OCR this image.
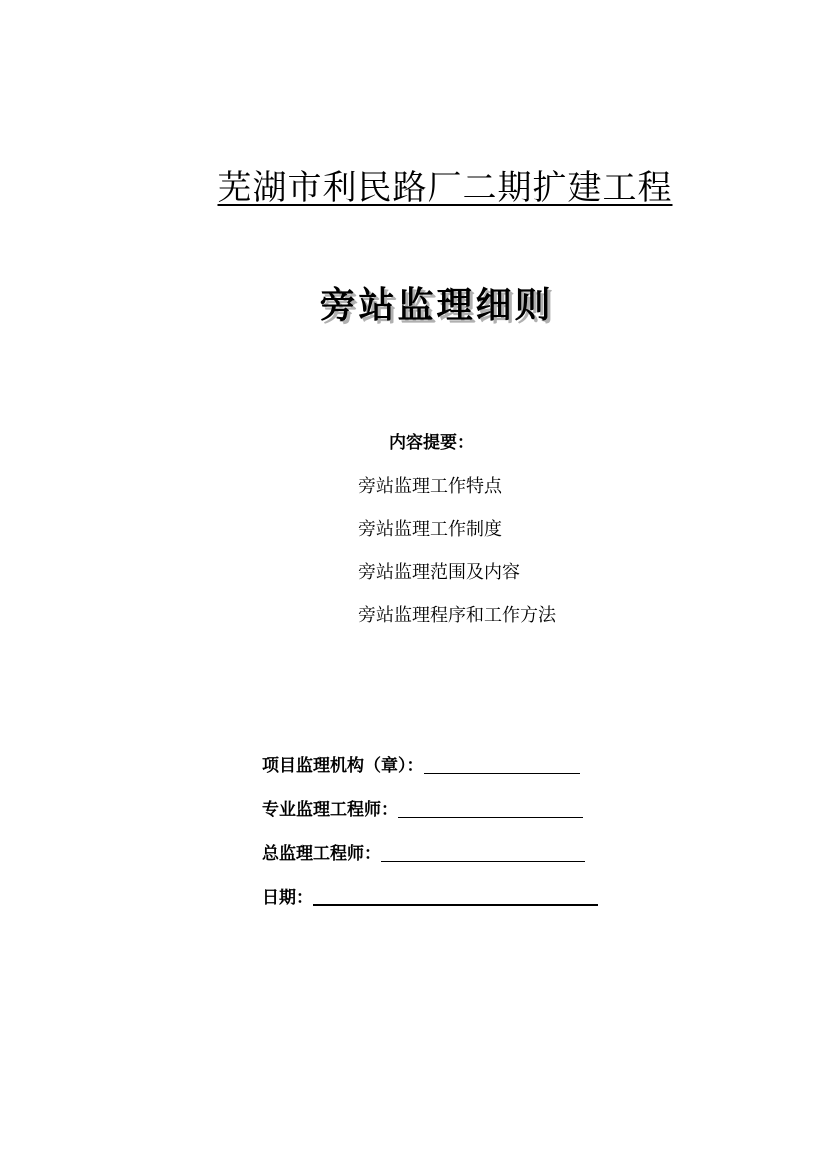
芜湖市利民路厂二期扩建工程
旁站监理细则
内容提要：
旁站监理工作特点
旁站监理工作制度
旁站监理范围及内容
旁站监理程序和工作方法
项目监理机构（章）：
专业监理工程师：
总监理工程师：
日期：
